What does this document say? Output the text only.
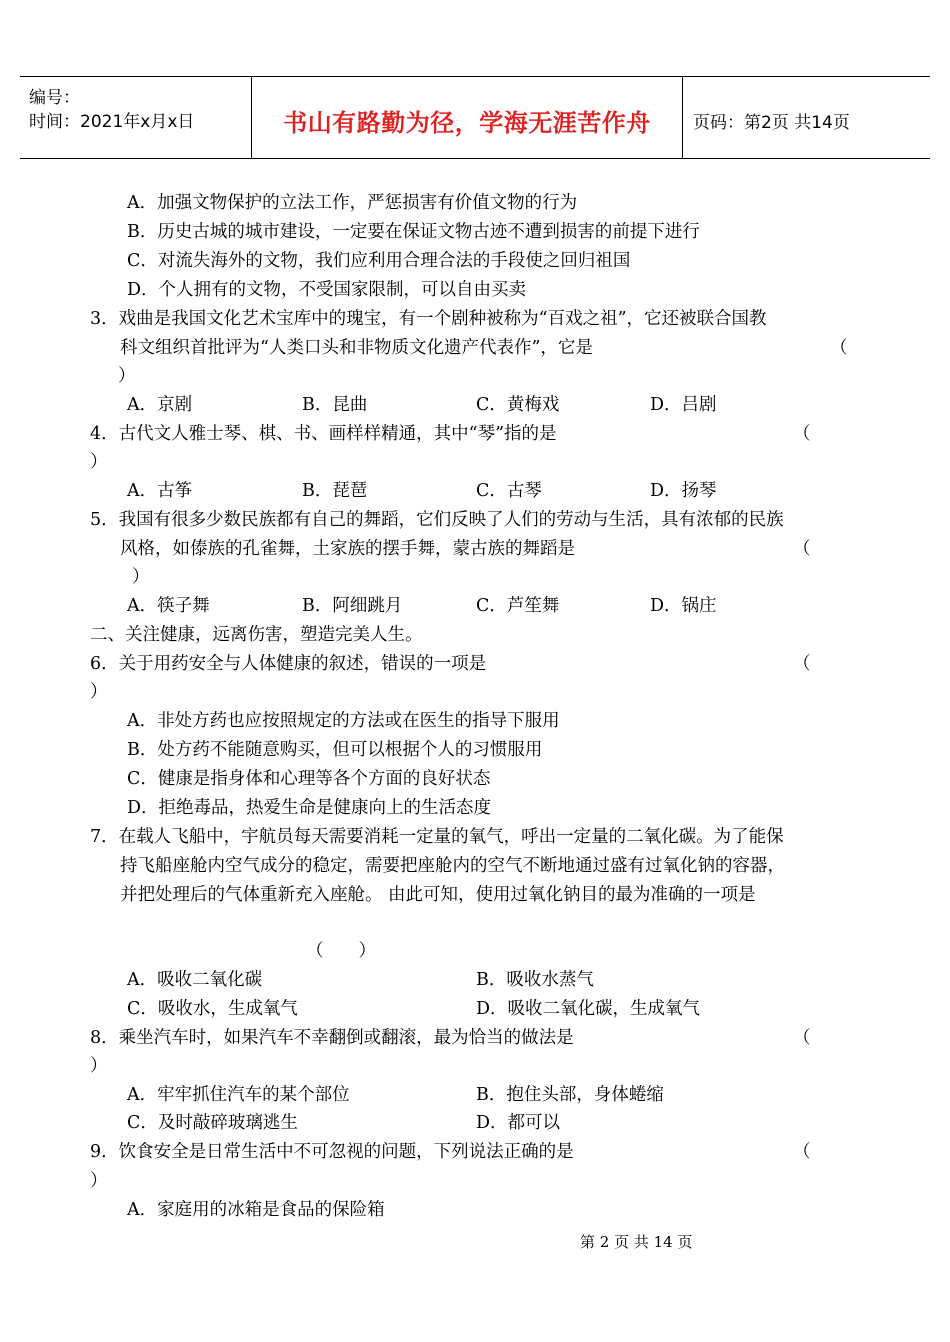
编号：
时间：2021年x月x日	书山有路勤为径，学海无涯苦作舟	页码：第2页 共14页
A．加强文物保护的立法工作，严惩损害有价值文物的行为
B．历史古城的城市建设，一定要在保证文物古迹不遭到损害的前提下进行
C．对流失海外的文物，我们应利用合理合法的手段使之回归祖国
D．个人拥有的文物，不受国家限制，可以自由买卖
3．戏曲是我国文化艺术宝库中的瑰宝，有一个剧种被称为“百戏之祖”，它还被联合国教
科文组织首批评为“人类口头和非物质文化遗产代表作”，它是	（
）
A．京剧	B．昆曲	C．黄梅戏	D．吕剧
4．古代文人雅士琴、棋、书、画样样精通，其中“琴”指的是	（
）
A．古筝	B．琵琶	C．古琴	D．扬琴
5．我国有很多少数民族都有自己的舞蹈，它们反映了人们的劳动与生活，具有浓郁的民族
风格，如傣族的孔雀舞，土家族的摆手舞，蒙古族的舞蹈是	（
）
A．筷子舞	B．阿细跳月	C．芦笙舞	D．锅庄
二、关注健康，远离伤害，塑造完美人生。
6．关于用药安全与人体健康的叙述，错误的一项是	（
）
A．非处方药也应按照规定的方法或在医生的指导下服用
B．处方药不能随意购买，但可以根据个人的习惯服用
C．健康是指身体和心理等各个方面的良好状态
D．拒绝毒品，热爱生命是健康向上的生活态度
7．在载人飞船中，宇航员每天需要消耗一定量的氧气，呼出一定量的二氧化碳。为了能保
持飞船座舱内空气成分的稳定，需要把座舱内的空气不断地通过盛有过氧化钠的容器，
并把处理后的气体重新充入座舱。 由此可知，使用过氧化钠目的最为准确的一项是
（　　）
A．吸收二氧化碳	B．吸收水蒸气
C．吸收水，生成氧气	D．吸收二氧化碳，生成氧气
8．乘坐汽车时，如果汽车不幸翻倒或翻滚，最为恰当的做法是	（
）
A．牢牢抓住汽车的某个部位	B．抱住头部，身体蜷缩
C．及时敲碎玻璃逃生	D．都可以
9．饮食安全是日常生活中不可忽视的问题，下列说法正确的是	（
）
A．家庭用的冰箱是食品的保险箱
第 2 页 共 14 页
